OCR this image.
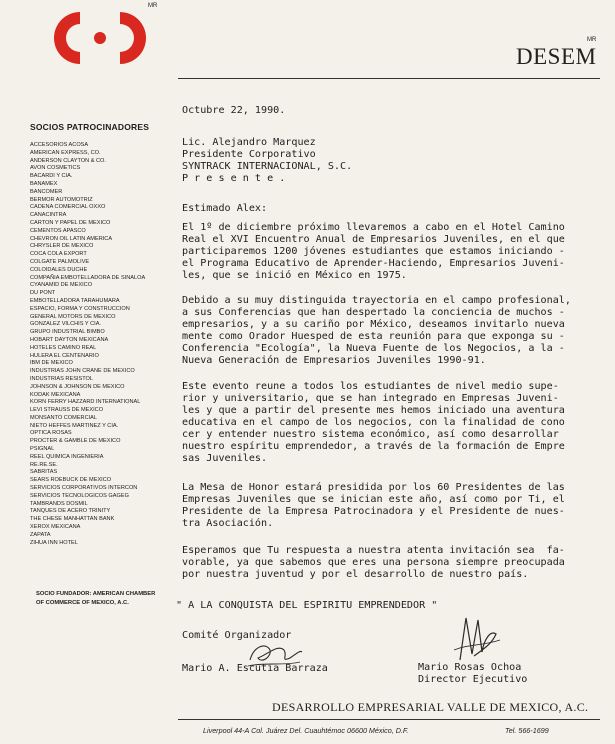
MR
DESEM
MR
SOCIOS PATROCINADORES
ACCESORIOS ACOSA
AMERICAN EXPRESS, CO.
ANDERSON CLAYTON & CO.
AVON COSMETICS
BACARDI Y CIA.
BANAMEX
BANCOMER
BERMOR AUTOMOTRIZ
CADENA COMERCIAL OXXO
CANACINTRA
CARTON Y PAPEL DE MEXICO
CEMENTOS APASCO
CHEVRON OIL LATIN AMERICA
CHRYSLER DE MEXICO
COCA COLA EXPORT
COLGATE PALMOLIVE
COLOIDALES DUCHE
COMPAÑIA EMBOTELLADORA DE SINALOA
CYANAMID DE MEXICO
DU PONT
EMBOTELLADORA TARAHUMARA
ESPACIO, FORMA Y CONSTRUCCION
GENERAL MOTORS DE MEXICO
GONZALEZ VILCHIS Y CIA.
GRUPO INDUSTRIAL BIMBO
HOBART DAYTON MEXICANA
HOTELES CAMINO REAL
HULERA EL CENTENARIO
IBM DE MEXICO
INDUSTRIAS JOHN CRANE DE MEXICO
INDUSTRIAS RESISTOL
JOHNSON & JOHNSON DE MEXICO
KODAK MEXICANA
KORN FERRY HAZZARD INTERNATIONAL
LEVI STRAUSS DE MEXICO
MONSANTO COMERCIAL
NIETO HEFFES MARTINEZ Y CIA.
OPTICA ROSAS
PROCTER & GAMBLE DE MEXICO
PSIGNAL
REEL QUIMICA INGENIERIA
RE.RE.SE.
SABRITAS
SEARS ROEBUCK DE MEXICO
SERVICIOS CORPORATIVOS INTERCON
SERVICIOS TECNOLOGICOS GAGEG
TAMBRANDS DOSMIL
TANQUES DE ACERO TRINITY
THE CHESE MANHATTAN BANK
XEROX MEXICANA
ZAPATA
ZIHUA INN HOTEL
SOCIO FUNDADOR: AMERICAN CHAMBER
OF COMMERCE OF MEXICO, A.C.
Octubre 22, 1990.
Lic. Alejandro Marquez
Presidente Corporativo
SYNTRACK INTERNACIONAL, S.C.
P r e s e n t e .
Estimado Alex:
El 1º de diciembre próximo llevaremos a cabo en el Hotel Camino
Real el XVI Encuentro Anual de Empresarios Juveniles, en el que
participaremos 1200 jóvenes estudiantes que estamos iniciando -
el Programa Educativo de Aprender-Haciendo, Empresarios Juveni-
les, que se inició en México en 1975.
Debido a su muy distinguida trayectoria en el campo profesional,
a sus Conferencias que han despertado la conciencia de muchos -
empresarios, y a su cariño por México, deseamos invitarlo nueva
mente como Orador Huesped de esta reunión para que exponga su -
Conferencia "Ecología", la Nueva Fuente de los Negocios, a la -
Nueva Generación de Empresarios Juveniles 1990-91.
Este evento reune a todos los estudiantes de nivel medio supe-
rior y universitario, que se han integrado en Empresas Juveni-
les y que a partir del presente mes hemos iniciado una aventura
educativa en el campo de los negocios, con la finalidad de cono
cer y entender nuestro sistema económico, así como desarrollar
nuestro espíritu emprendedor, a través de la formación de Empre
sas Juveniles.
La Mesa de Honor estará presidida por los 60 Presidentes de las
Empresas Juveniles que se inician este año, así como por Ti, el
Presidente de la Empresa Patrocinadora y el Presidente de nues-
tra Asociación.
Esperamos que Tu respuesta a nuestra atenta invitación sea  fa-
vorable, ya que sabemos que eres una persona siempre preocupada
por nuestra juventud y por el desarrollo de nuestro país.
" A LA CONQUISTA DEL ESPIRITU EMPRENDEDOR "
Comité Organizador
Mario A. Escutia Barraza	Mario Rosas Ochoa
Director Ejecutivo
DESARROLLO EMPRESARIAL VALLE DE MEXICO, A.C.
Liverpool 44-A Col. Juárez Del. Cuauhtémoc 06600 México, D.F.	Tel. 566-1699
